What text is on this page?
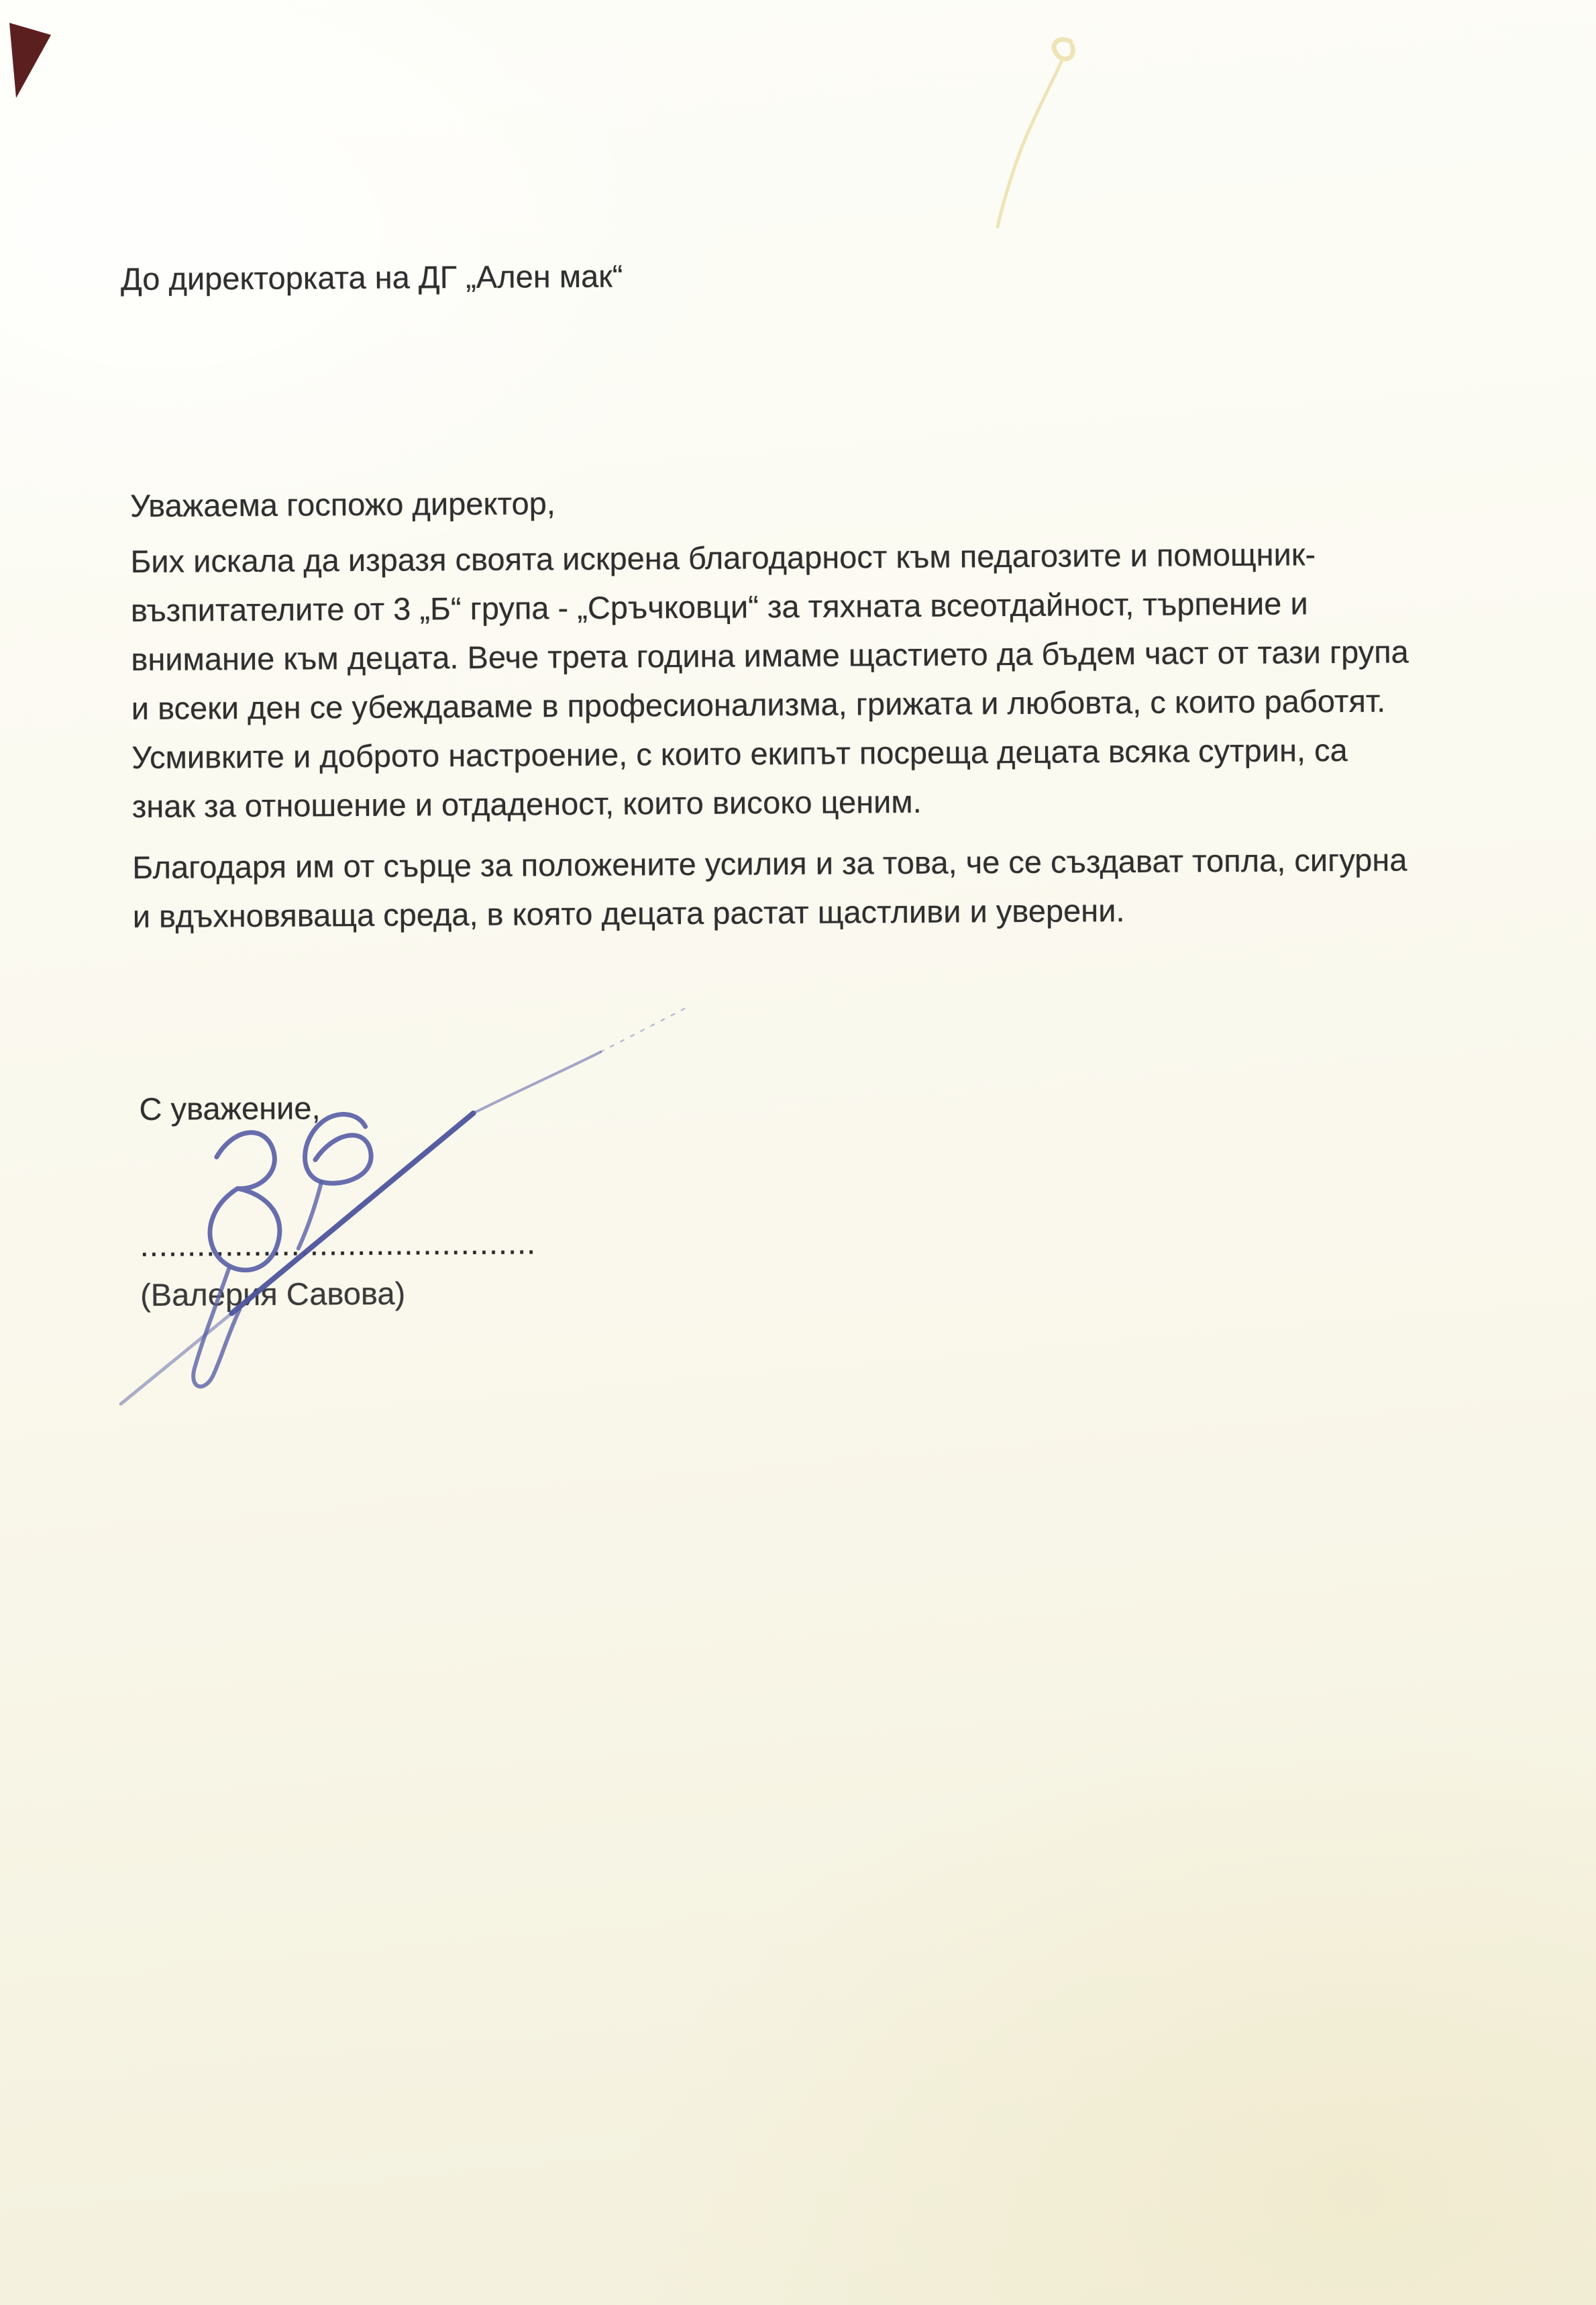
До директорката на ДГ „Ален мак“
Уважаема госпожо директор,
Бих искала да изразя своята искрена благодарност към педагозите и помощник-
възпитателите от 3 „Б“ група - „Сръчковци“ за тяхната всеотдайност, търпение и
внимание към децата. Вече трета година имаме щастието да бъдем част от тази група
и всеки ден се убеждаваме в професионализма, грижата и любовта, с които работят.
Усмивките и доброто настроение, с които екипът посреща децата всяка сутрин, са
знак за отношение и отдаденост, които високо ценим.
Благодаря им от сърце за положените усилия и за това, че се създават топла, сигурна
и вдъхновяваща среда, в която децата растат щастливи и уверени.
С уважение,
..........................................
(Валерия Савова)
